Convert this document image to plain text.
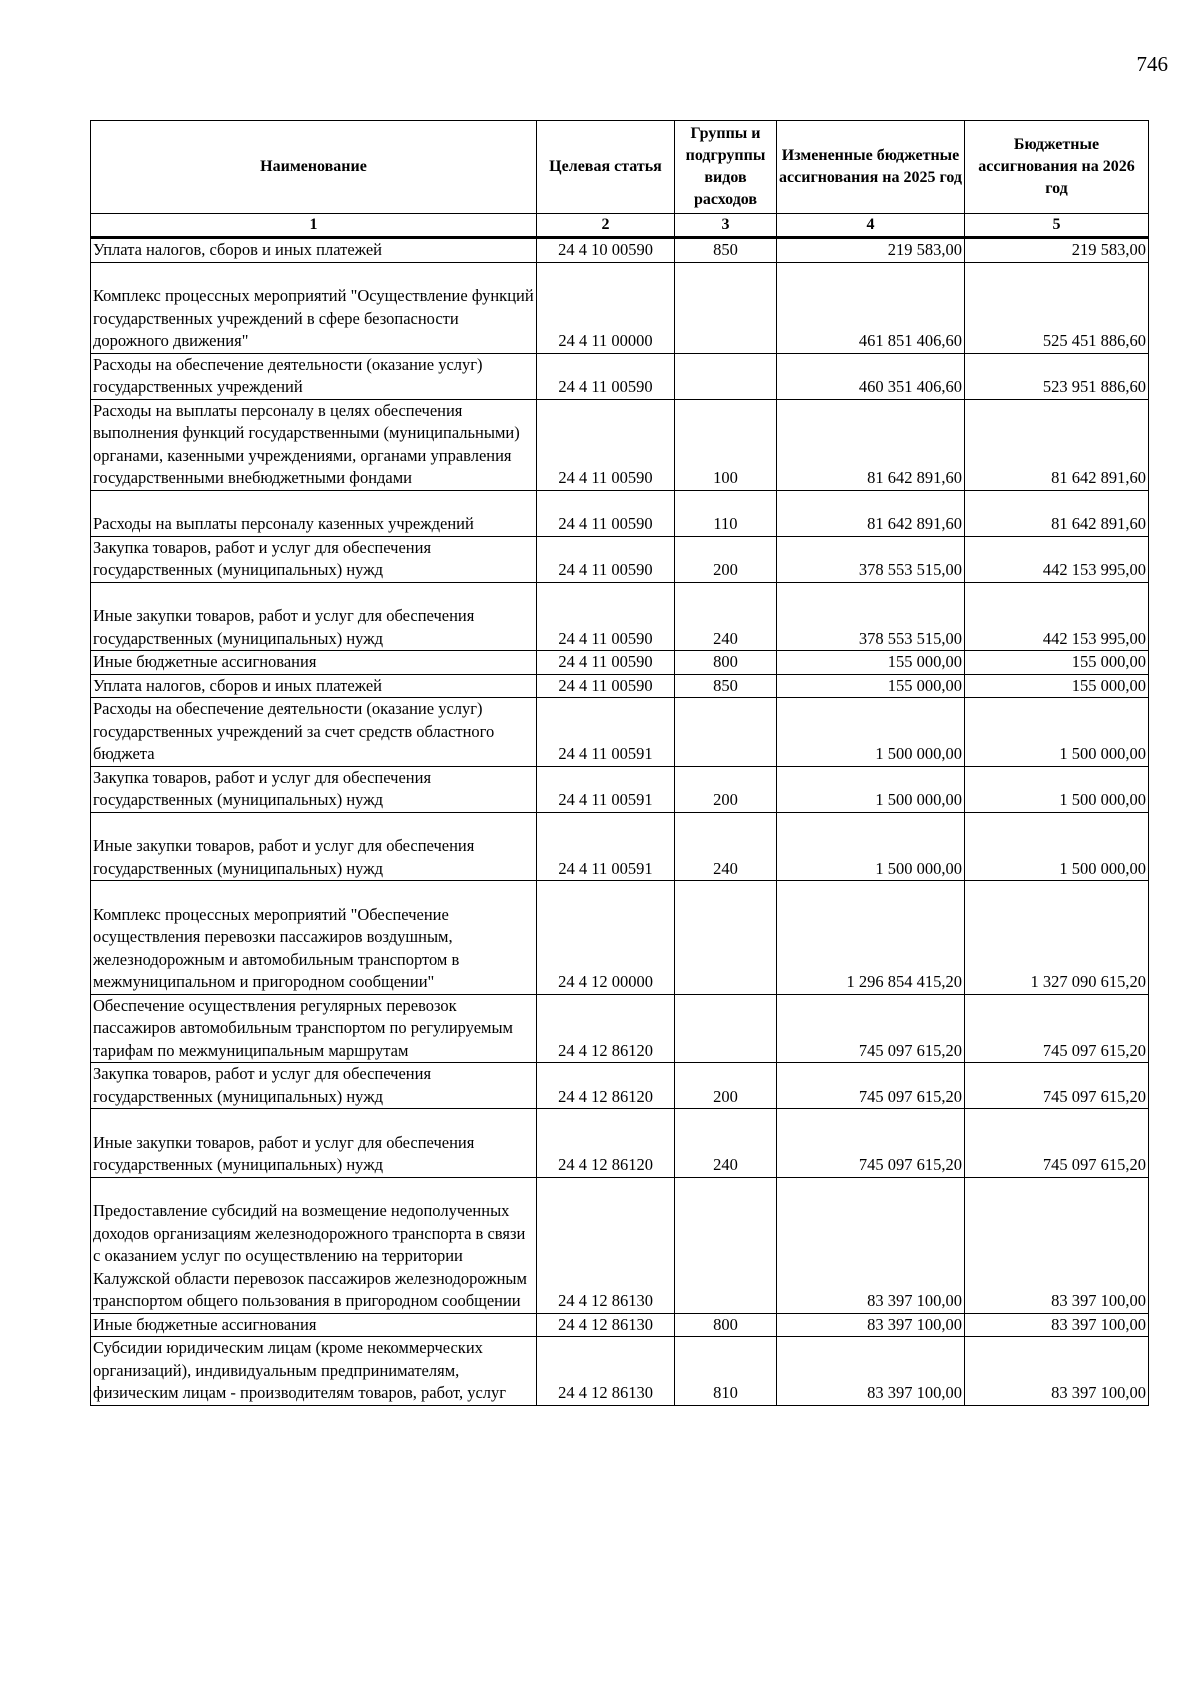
746
Наименование	Целевая статья	Группы и подгруппы видов расходов	Измененные бюджетные ассигнования на 2025 год	Бюджетные ассигнования на 2026 год
1	2	3	4	5
Уплата налогов, сборов и иных платежей	24 4 10 00590	850	219 583,00	219 583,00

Комплекс процессных мероприятий "Осуществление функций государственных учреждений в сфере безопасности дорожного движения"	24 4 11 00000		461 851 406,60	525 451 886,60
Расходы на обеспечение деятельности (оказание услуг) государственных учреждений	24 4 11 00590		460 351 406,60	523 951 886,60
Расходы на выплаты персоналу в целях обеспечения выполнения функций государственными (муниципальными) органами, казенными учреждениями, органами управления государственными внебюджетными фондами	24 4 11 00590	100	81 642 891,60	81 642 891,60

Расходы на выплаты персоналу казенных учреждений	24 4 11 00590	110	81 642 891,60	81 642 891,60
Закупка товаров, работ и услуг для обеспечения государственных (муниципальных) нужд	24 4 11 00590	200	378 553 515,00	442 153 995,00

Иные закупки товаров, работ и услуг для обеспечения государственных (муниципальных) нужд	24 4 11 00590	240	378 553 515,00	442 153 995,00
Иные бюджетные ассигнования	24 4 11 00590	800	155 000,00	155 000,00
Уплата налогов, сборов и иных платежей	24 4 11 00590	850	155 000,00	155 000,00
Расходы на обеспечение деятельности (оказание услуг) государственных учреждений за счет средств областного бюджета	24 4 11 00591		1 500 000,00	1 500 000,00
Закупка товаров, работ и услуг для обеспечения государственных (муниципальных) нужд	24 4 11 00591	200	1 500 000,00	1 500 000,00

Иные закупки товаров, работ и услуг для обеспечения государственных (муниципальных) нужд	24 4 11 00591	240	1 500 000,00	1 500 000,00

Комплекс процессных мероприятий "Обеспечение осуществления перевозки пассажиров воздушным, железнодорожным и автомобильным транспортом в межмуниципальном и пригородном сообщении"	24 4 12 00000		1 296 854 415,20	1 327 090 615,20
Обеспечение осуществления регулярных перевозок пассажиров автомобильным транспортом по регулируемым тарифам по межмуниципальным маршрутам	24 4 12 86120		745 097 615,20	745 097 615,20
Закупка товаров, работ и услуг для обеспечения государственных (муниципальных) нужд	24 4 12 86120	200	745 097 615,20	745 097 615,20

Иные закупки товаров, работ и услуг для обеспечения государственных (муниципальных) нужд	24 4 12 86120	240	745 097 615,20	745 097 615,20

Предоставление субсидий на возмещение недополученных доходов организациям железнодорожного транспорта в связи с оказанием услуг по осуществлению на территории Калужской области перевозок пассажиров железнодорожным транспортом общего пользования в пригородном сообщении	24 4 12 86130		83 397 100,00	83 397 100,00
Иные бюджетные ассигнования	24 4 12 86130	800	83 397 100,00	83 397 100,00
Субсидии юридическим лицам (кроме некоммерческих организаций), индивидуальным предпринимателям, физическим лицам - производителям товаров, работ, услуг	24 4 12 86130	810	83 397 100,00	83 397 100,00
